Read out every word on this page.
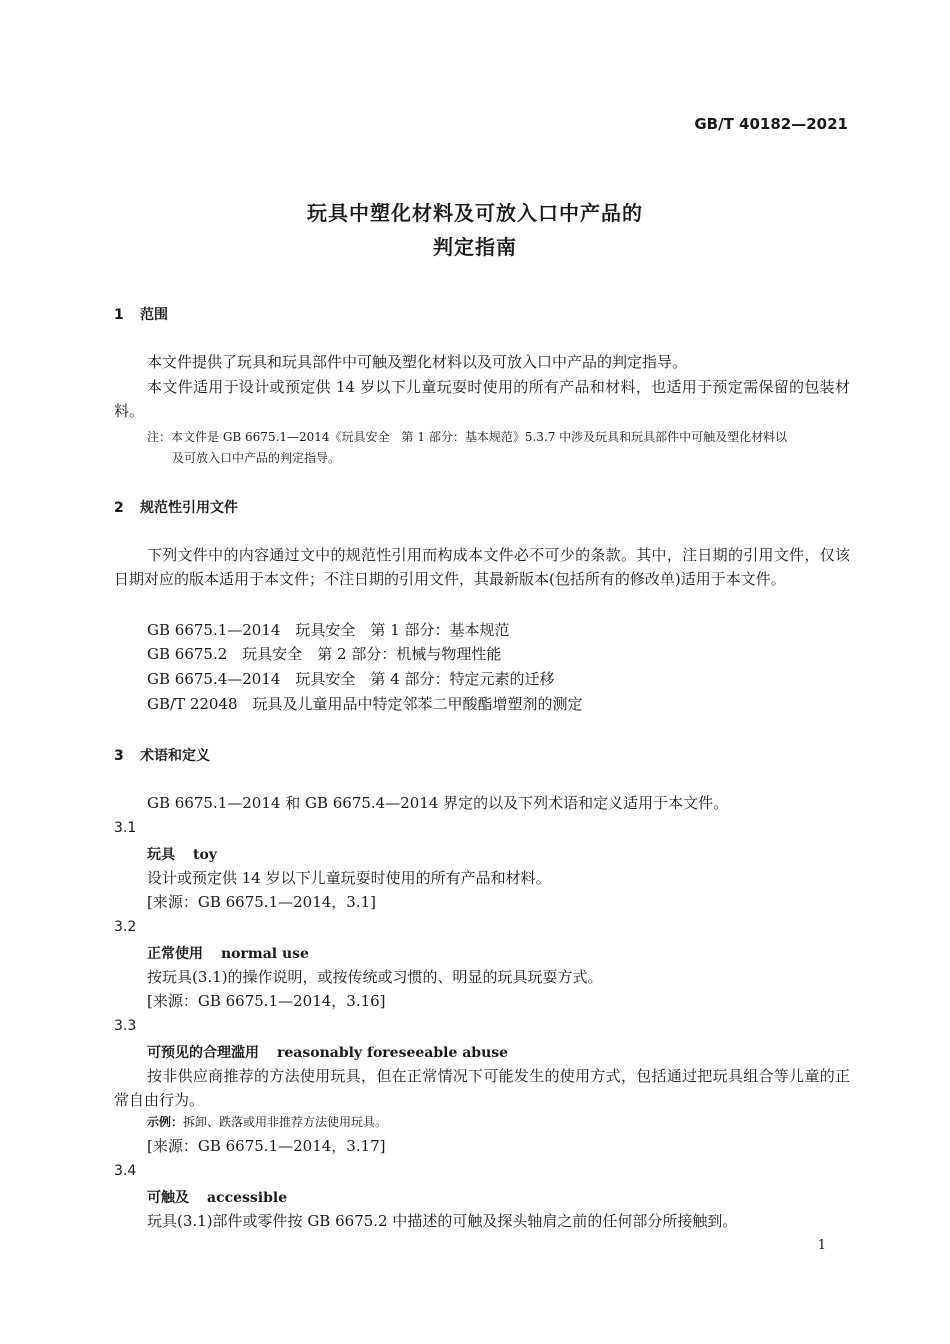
GB/T 40182—2021
玩具中塑化材料及可放入口中产品的
判定指南
1 范围
本文件提供了玩具和玩具部件中可触及塑化材料以及可放入口中产品的判定指导。
本文件适用于设计或预定供 14 岁以下儿童玩耍时使用的所有产品和材料，也适用于预定需保留的包装材料。
注：本文件是 GB 6675.1—2014《玩具安全　第 1 部分：基本规范》5.3.7 中涉及玩具和玩具部件中可触及塑化材料以
及可放入口中产品的判定指导。
2 规范性引用文件
下列文件中的内容通过文中的规范性引用而构成本文件必不可少的条款。其中，注日期的引用文件，仅该日期对应的版本适用于本文件；不注日期的引用文件，其最新版本(包括所有的修改单)适用于本文件。
GB 6675.1—2014　玩具安全　第 1 部分：基本规范
GB 6675.2　玩具安全　第 2 部分：机械与物理性能
GB 6675.4—2014　玩具安全　第 4 部分：特定元素的迁移
GB/T 22048　玩具及儿童用品中特定邻苯二甲酸酯增塑剂的测定
3 术语和定义
GB 6675.1—2014 和 GB 6675.4—2014 界定的以及下列术语和定义适用于本文件。
3.1
玩具 toy
设计或预定供 14 岁以下儿童玩耍时使用的所有产品和材料。
[来源：GB 6675.1—2014，3.1]
3.2
正常使用 normal use
按玩具(3.1)的操作说明，或按传统或习惯的、明显的玩具玩耍方式。
[来源：GB 6675.1—2014，3.16]
3.3
可预见的合理滥用 reasonably foreseeable abuse
按非供应商推荐的方法使用玩具，但在正常情况下可能发生的使用方式，包括通过把玩具组合等儿童的正常自由行为。
示例：拆卸、跌落或用非推荐方法使用玩具。
[来源：GB 6675.1—2014，3.17]
3.4
可触及 accessible
玩具(3.1)部件或零件按 GB 6675.2 中描述的可触及探头轴肩之前的任何部分所接触到。
1
